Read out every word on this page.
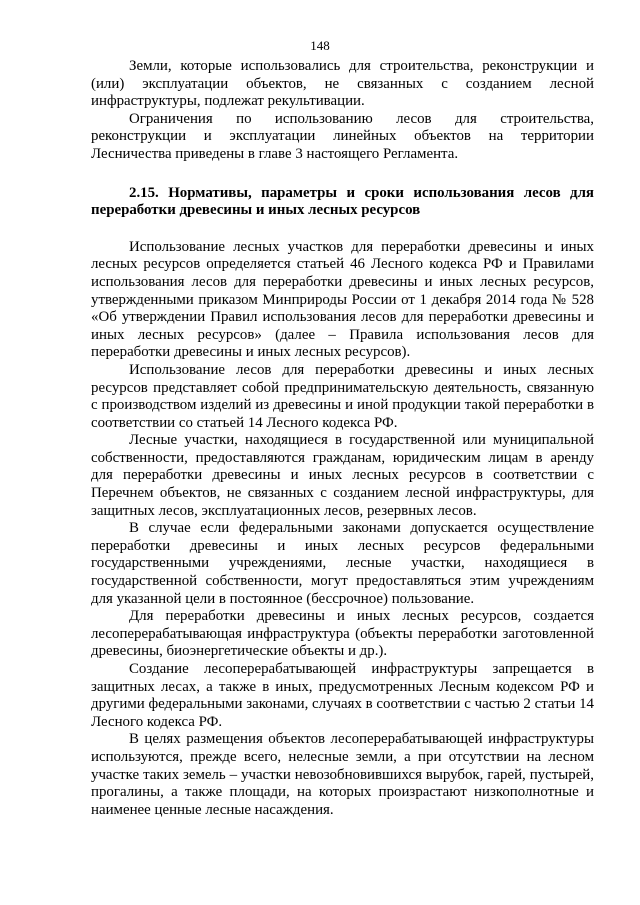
148

Земли, которые использовались для строительства, реконструкции и (или) эксплуатации объектов, не связанных с созданием лесной инфраструктуры, подлежат рекультивации.

Ограничения по использованию лесов для строительства, реконструкции и эксплуатации линейных объектов на территории Лесничества приведены в главе 3 настоящего Регламента.

2.15. Нормативы, параметры и сроки использования лесов для переработки древесины и иных лесных ресурсов

Использование лесных участков для переработки древесины и иных лесных ресурсов определяется статьей 46 Лесного кодекса РФ и Правилами использования лесов для переработки древесины и иных лесных ресурсов, утвержденными приказом Минприроды России от 1 декабря 2014 года № 528 «Об утверждении Правил использования лесов для переработки древесины и иных лесных ресурсов» (далее – Правила использования лесов для переработки древесины и иных лесных ресурсов).

Использование лесов для переработки древесины и иных лесных ресурсов представляет собой предпринимательскую деятельность, связанную с производством изделий из древесины и иной продукции такой переработки в соответствии со статьей 14 Лесного кодекса РФ.

Лесные участки, находящиеся в государственной или муниципальной собственности, предоставляются гражданам, юридическим лицам в аренду для переработки древесины и иных лесных ресурсов в соответствии с Перечнем объектов, не связанных с созданием лесной инфраструктуры, для защитных лесов, эксплуатационных лесов, резервных лесов.

В случае если федеральными законами допускается осуществление переработки древесины и иных лесных ресурсов федеральными государственными учреждениями, лесные участки, находящиеся в государственной собственности, могут предоставляться этим учреждениям для указанной цели в постоянное (бессрочное) пользование.

Для переработки древесины и иных лесных ресурсов, создается лесоперерабатывающая инфраструктура (объекты переработки заготовленной древесины, биоэнергетические объекты и др.).

Создание лесоперерабатывающей инфраструктуры запрещается в защитных лесах, а также в иных, предусмотренных Лесным кодексом РФ и другими федеральными законами, случаях в соответствии с частью 2 статьи 14 Лесного кодекса РФ.

В целях размещения объектов лесоперерабатывающей инфраструктуры используются, прежде всего, нелесные земли, а при отсутствии на лесном участке таких земель – участки невозобновившихся вырубок, гарей, пустырей, прогалины, а также площади, на которых произрастают низкополнотные и наименее ценные лесные насаждения.
